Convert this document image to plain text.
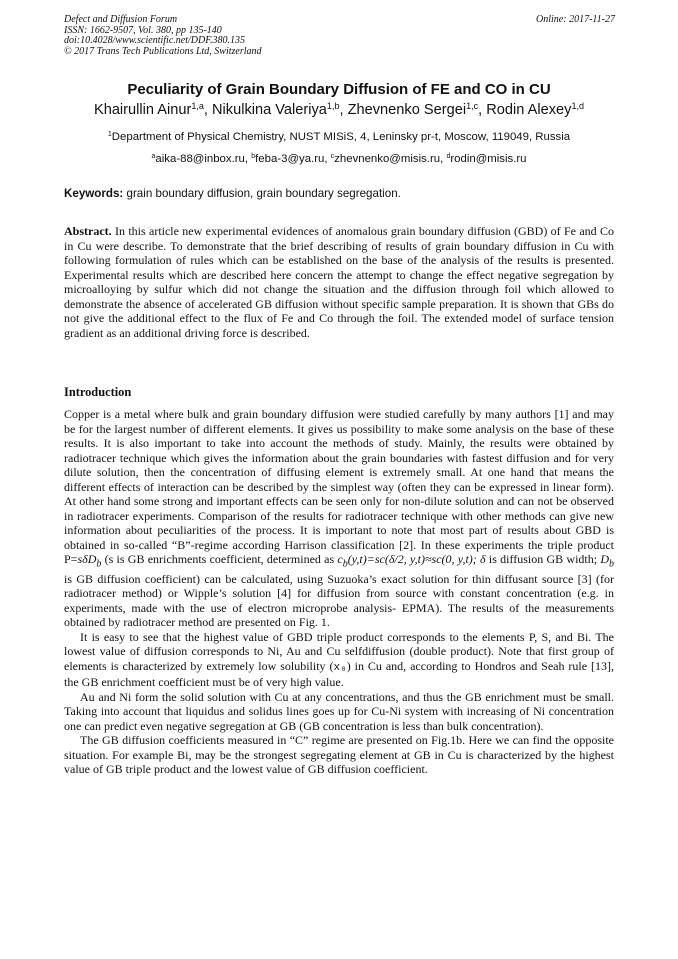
Defect and Diffusion Forum
ISSN: 1662-9507, Vol. 380, pp 135-140
doi:10.4028/www.scientific.net/DDF.380.135
© 2017 Trans Tech Publications Ltd, Switzerland
Online: 2017-11-27
Peculiarity of Grain Boundary Diffusion of FE and CO in CU
Khairullin Ainur$^{1,a}$, Nikulkina Valeriya$^{1,b}$, Zhevnenko Sergei$^{1,c}$, Rodin Alexey$^{1,d}$
$^1$Department of Physical Chemistry, NUST MISiS, 4, Leninsky pr-t, Moscow, 119049, Russia
$^a$aika-88@inbox.ru, $^b$feba-3@ya.ru, $^c$zhevnenko@misis.ru, $^d$rodin@misis.ru
Keywords: grain boundary diffusion, grain boundary segregation.

Abstract. In this article new experimental evidences of anomalous grain boundary diffusion (GBD) of Fe and Co in Cu were describe. To demonstrate that the brief describing of results of grain boundary diffusion in Cu with following formulation of rules which can be established on the base of the analysis of the results is presented. Experimental results which are described here concern the attempt to change the effect negative segregation by microalloying by sulfur which did not change the situation and the diffusion through foil which allowed to demonstrate the absence of accelerated GB diffusion without specific sample preparation. It is shown that GBs do not give the additional effect to the flux of Fe and Co through the foil. The extended model of surface tension gradient as an additional driving force is described.

Introduction

Copper is a metal where bulk and grain boundary diffusion were studied carefully by many authors [1] and may be for the largest number of different elements. It gives us possibility to make some analysis on the base of these results. It is also important to take into account the methods of study. Mainly, the results were obtained by radiotracer technique which gives the information about the grain boundaries with fastest diffusion and for very dilute solution, then the concentration of diffusing element is extremely small. At one hand that means the different effects of interaction can be described by the simplest way (often they can be expressed in linear form). At other hand some strong and important effects can be seen only for non-dilute solution and can not be observed in radiotracer experiments. Comparison of the results for radiotracer technique with other methods can give new information about peculiarities of the process. It is important to note that most part of results about GBD is obtained in so-called “B”-regime according Harrison classification [2]. In these experiments the triple product P=sδD$_b$ (s is GB enrichments coefficient, determined as $c_b(y,t)=sc(\delta/2$, y,t)≈sc(0, y,t); δ is diffusion GB width; $D_b$ is GB diffusion coefficient) can be calculated, using Suzuoka’s exact solution for thin diffusant source [3] (for radiotracer method) or Wipple’s solution [4] for diffusion from source with constant concentration (e.g. in experiments, made with the use of electron microprobe analysis- EPMA). The results of the measurements obtained by radiotracer method are presented on Fig. 1.

It is easy to see that the highest value of GBD triple product corresponds to the elements P, S, and Bi. The lowest value of diffusion corresponds to Ni, Au and Cu selfdiffusion (double product). Note that first group of elements is characterized by extremely low solubility (x₀) in Cu and, according to Hondros and Seah rule [13], the GB enrichment coefficient must be of very high value.

Au and Ni form the solid solution with Cu at any concentrations, and thus the GB enrichment must be small. Taking into account that liquidus and solidus lines goes up for Cu-Ni system with increasing of Ni concentration one can predict even negative segregation at GB (GB concentration is less than bulk concentration).

The GB diffusion coefficients measured in “C” regime are presented on Fig.1b. Here we can find the opposite situation. For example Bi, may be the strongest segregating element at GB in Cu is characterized by the highest value of GB triple product and the lowest value of GB diffusion coefficient.
